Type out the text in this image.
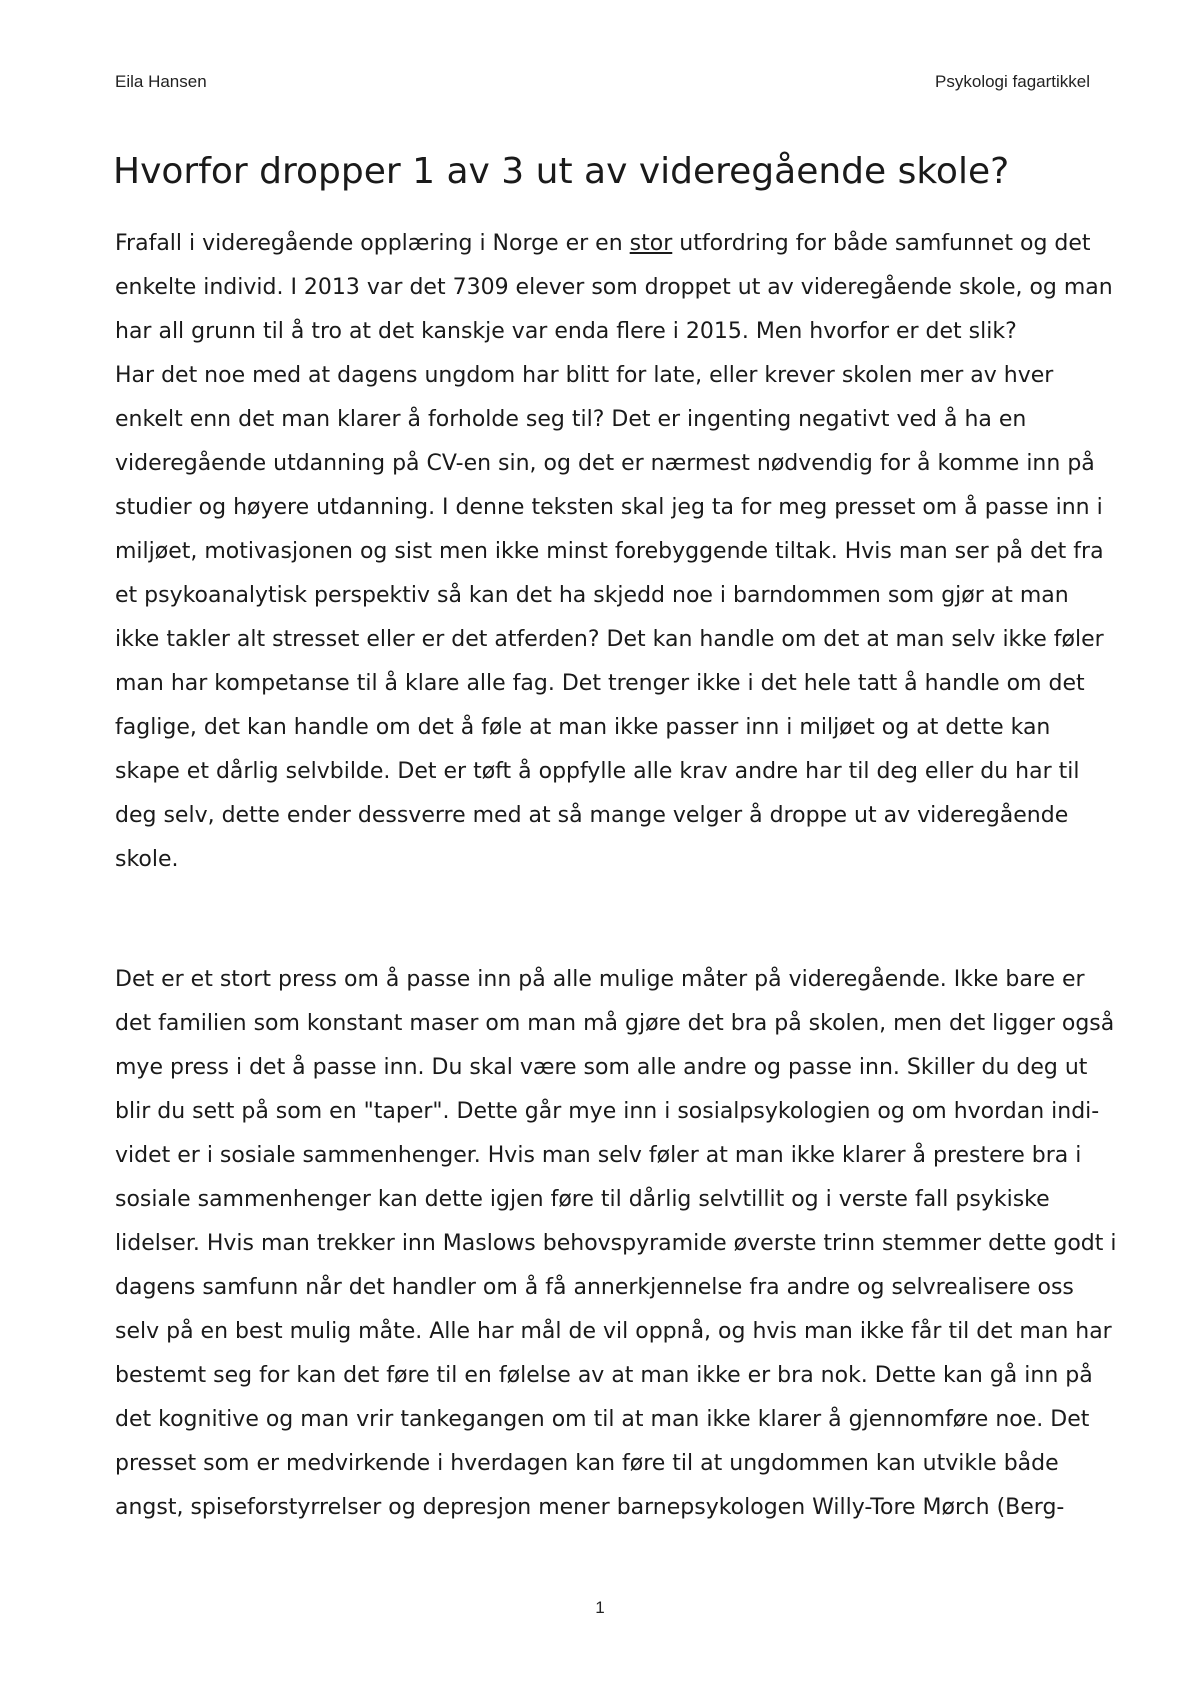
Eila Hansen	Psykologi fagartikkel
Hvorfor dropper 1 av 3 ut av videregående skole?
Frafall i videregående opplæring i Norge er en stor utfordring for både samfunnet og det
enkelte individ. I 2013 var det 7309 elever som droppet ut av videregående skole, og man
har all grunn til å tro at det kanskje var enda flere i 2015. Men hvorfor er det slik?
Har det noe med at dagens ungdom har blitt for late, eller krever skolen mer av hver
enkelt enn det man klarer å forholde seg til? Det er ingenting negativt ved å ha en
videregående utdanning på CV-en sin, og det er nærmest nødvendig for å komme inn på
studier og høyere utdanning. I denne teksten skal jeg ta for meg presset om å passe inn i
miljøet, motivasjonen og sist men ikke minst forebyggende tiltak. Hvis man ser på det fra
et psykoanalytisk perspektiv så kan det ha skjedd noe i barndommen som gjør at man
ikke takler alt stresset eller er det atferden? Det kan handle om det at man selv ikke føler
man har kompetanse til å klare alle fag. Det trenger ikke i det hele tatt å handle om det
faglige, det kan handle om det å føle at man ikke passer inn i miljøet og at dette kan
skape et dårlig selvbilde. Det er tøft å oppfylle alle krav andre har til deg eller du har til
deg selv, dette ender dessverre med at så mange velger å droppe ut av videregående
skole.
Det er et stort press om å passe inn på alle mulige måter på videregående. Ikke bare er
det familien som konstant maser om man må gjøre det bra på skolen, men det ligger også
mye press i det å passe inn. Du skal være som alle andre og passe inn. Skiller du deg ut
blir du sett på som en "taper". Dette går mye inn i sosialpsykologien og om hvordan indi-
videt er i sosiale sammenhenger. Hvis man selv føler at man ikke klarer å prestere bra i
sosiale sammenhenger kan dette igjen føre til dårlig selvtillit og i verste fall psykiske
lidelser. Hvis man trekker inn Maslows behovspyramide øverste trinn stemmer dette godt i
dagens samfunn når det handler om å få annerkjennelse fra andre og selvrealisere oss
selv på en best mulig måte. Alle har mål de vil oppnå, og hvis man ikke får til det man har
bestemt seg for kan det føre til en følelse av at man ikke er bra nok. Dette kan gå inn på
det kognitive og man vrir tankegangen om til at man ikke klarer å gjennomføre noe. Det
presset som er medvirkende i hverdagen kan føre til at ungdommen kan utvikle både
angst, spiseforstyrrelser og depresjon mener barnepsykologen Willy-Tore Mørch (Berg-
1
